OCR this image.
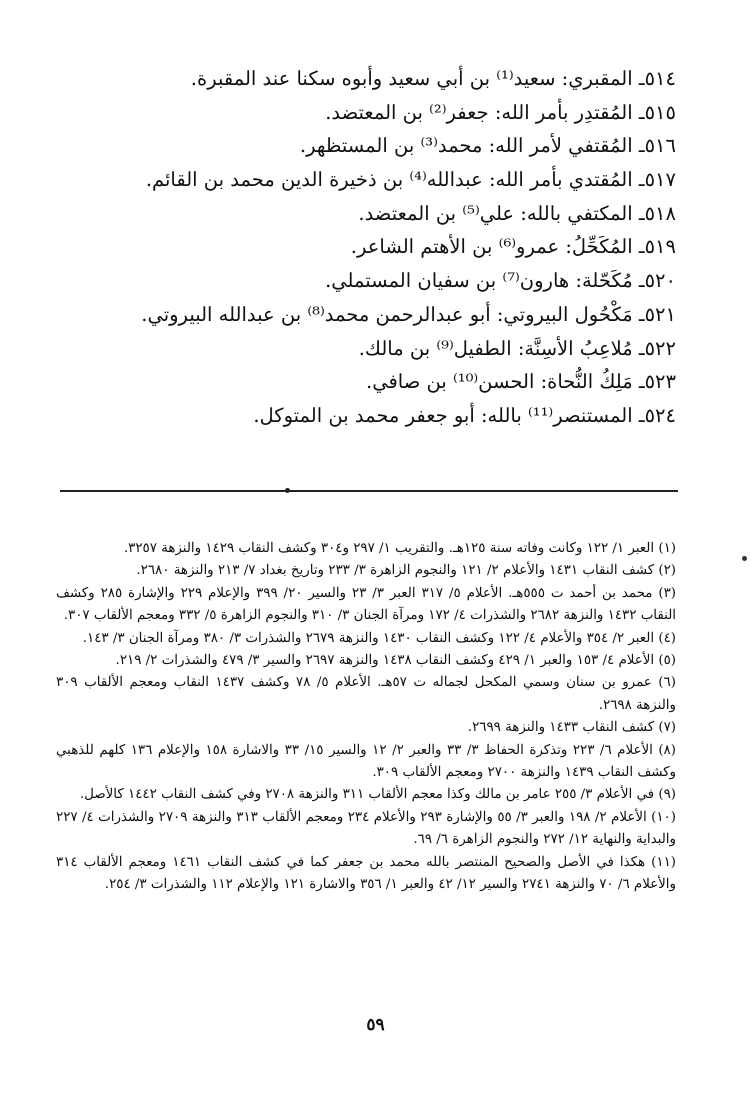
٥١٤ـ المقبري: سعيد⁽¹⁾ بن أبي سعيد وأبوه سكنا عند المقبرة.
٥١٥ـ المُقتدِر بأمر الله: جعفر⁽²⁾ بن المعتضد.
٥١٦ـ المُقتفي لأمر الله: محمد⁽³⁾ بن المستظهر.
٥١٧ـ المُقتدي بأمر الله: عبدالله⁽⁴⁾ بن ذخيرة الدين محمد بن القائم.
٥١٨ـ المكتفي بالله: علي⁽⁵⁾ بن المعتضد.
٥١٩ـ المُكَحِّلُ: عمرو⁽⁶⁾ بن الأهتم الشاعر.
٥٢٠ـ مُكَحّلة: هارون⁽⁷⁾ بن سفيان المستملي.
٥٢١ـ مَكْحُول البيروتي: أبو عبدالرحمن محمد⁽⁸⁾ بن عبدالله البيروتي.
٥٢٢ـ مُلاعِبُ الأسِنَّة: الطفيل⁽⁹⁾ بن مالك.
٥٢٣ـ مَلِكُ النُّحاة: الحسن⁽¹⁰⁾ بن صافي.
٥٢٤ـ المستنصر⁽¹¹⁾ بالله: أبو جعفر محمد بن المتوكل.
(١) العبر ١/ ١٢٢ وكانت وفاته سنة ١٢٥هـ. والتقريب ١/ ٢٩٧ و٣٠٤ وكشف النقاب ١٤٢٩ والنزهة ٣٢٥٧.
(٢) كشف النقاب ١٤٣١ والأعلام ٢/ ١٢١ والنجوم الزاهرة ٣/ ٢٣٣ وتاريخ بغداد ٧/ ٢١٣ والنزهة ٢٦٨٠.
(٣) محمد بن أحمد ت ٥٥٥هـ. الأعلام ٥/ ٣١٧ العبر ٣/ ٢٣ والسير ٢٠/ ٣٩٩ والإعلام ٢٢٩ والإشارة ٢٨٥ وكشف النقاب ١٤٣٢ والنزهة ٢٦٨٢ والشذرات ٤/ ١٧٢ ومرآة الجنان ٣/ ٣١٠ والنجوم الزاهرة ٥/ ٣٣٢ ومعجم الألقاب ٣٠٧.
(٤) العبر ٢/ ٣٥٤ والأعلام ٤/ ١٢٢ وكشف النقاب ١٤٣٠ والنزهة ٢٦٧٩ والشذرات ٣/ ٣٨٠ ومرآة الجنان ٣/ ١٤٣.
(٥) الأعلام ٤/ ١٥٣ والعبر ١/ ٤٢٩ وكشف النقاب ١٤٣٨ والنزهة ٢٦٩٧ والسير ٣/ ٤٧٩ والشذرات ٢/ ٢١٩.
(٦) عمرو بن سنان وسمي المكحل لجماله ت ٥٧هـ. الأعلام ٥/ ٧٨ وكشف ١٤٣٧ النقاب ومعجم الألقاب ٣٠٩ والنزهة ٢٦٩٨.
(٧) كشف النقاب ١٤٣٣ والنزهة ٢٦٩٩.
(٨) الأعلام ٦/ ٢٢٣ وتذكرة الحفاظ ٣/ ٣٣ والعبر ٢/ ١٢ والسير ١٥/ ٣٣ والاشارة ١٥٨ والإعلام ١٣٦ كلهم للذهبي وكشف النقاب ١٤٣٩ والنزهة ٢٧٠٠ ومعجم الألقاب ٣٠٩.
(٩) في الأعلام ٣/ ٢٥٥ عامر بن مالك وكذا معجم الألقاب ٣١١ والنزهة ٢٧٠٨ وفي كشف النقاب ١٤٤٢ كالأصل.
(١٠) الأعلام ٢/ ١٩٨ والعبر ٣/ ٥٥ والإشارة ٢٩٣ والأعلام ٢٣٤ ومعجم الألقاب ٣١٣ والنزهة ٢٧٠٩ والشذرات ٤/ ٢٢٧ والبداية والنهاية ١٢/ ٢٧٢ والنجوم الزاهرة ٦/ ٦٩.
(١١) هكذا في الأصل والصحيح المنتصر بالله محمد بن جعفر كما في كشف النقاب ١٤٦١ ومعجم الألقاب ٣١٤ والأعلام ٦/ ٧٠ والنزهة ٢٧٤١ والسير ١٢/ ٤٢ والعبر ١/ ٣٥٦ والاشارة ١٢١ والإعلام ١١٢ والشذرات ٣/ ٢٥٤.
٥٩
